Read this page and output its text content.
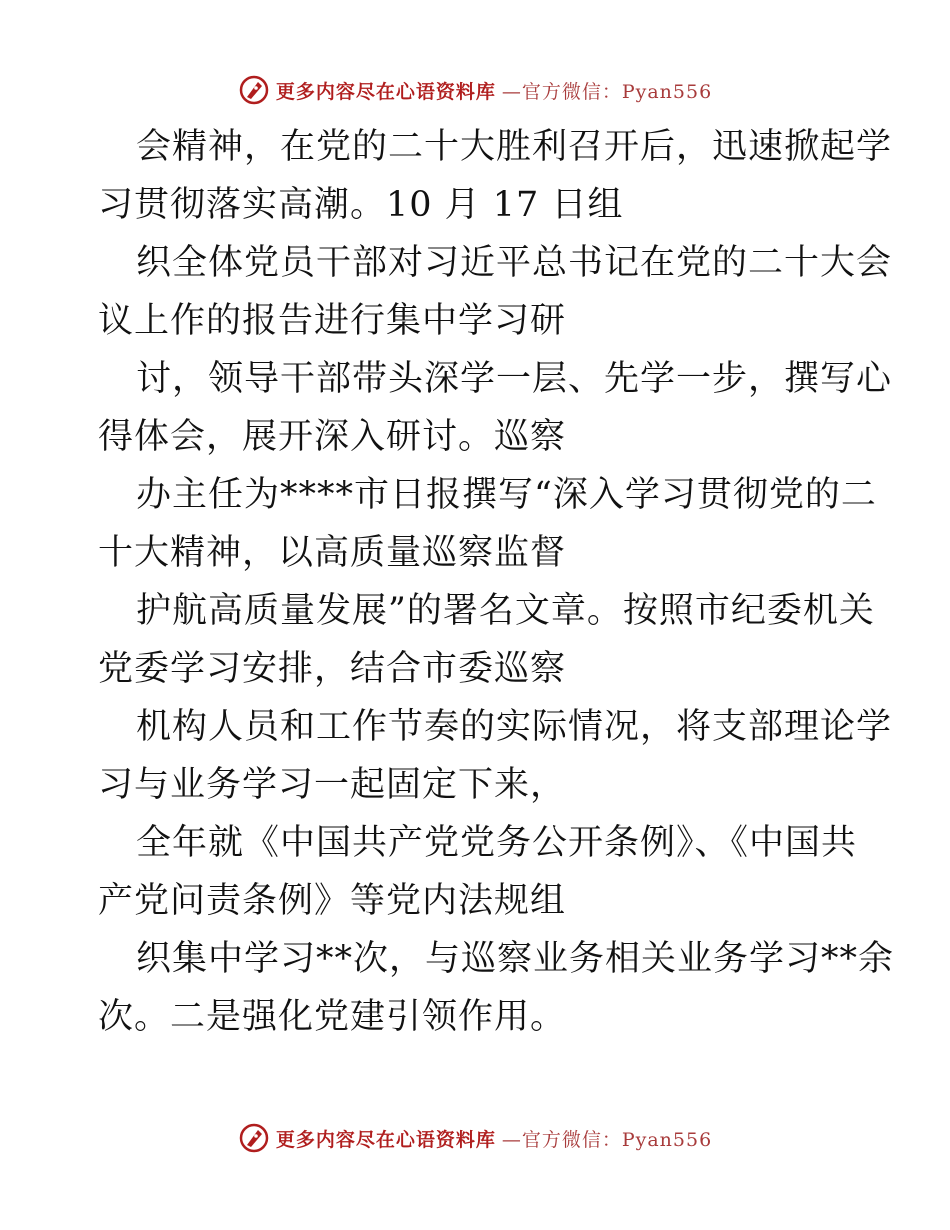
更多内容尽在心语资料库 —官方微信：Pyan556
会精神，在党的二十大胜利召开后，迅速掀起学
习贯彻落实高潮。10 月 17 日组
织全体党员干部对习近平总书记在党的二十大会
议上作的报告进行集中学习研
讨，领导干部带头深学一层、先学一步，撰写心
得体会，展开深入研讨。巡察
办主任为****市日报撰写“深入学习贯彻党的二
十大精神，以高质量巡察监督
护航高质量发展”的署名文章。按照市纪委机关
党委学习安排，结合市委巡察
机构人员和工作节奏的实际情况，将支部理论学
习与业务学习一起固定下来，
全年就《中国共产党党务公开条例》、《中国共
产党问责条例》等党内法规组
织集中学习**次，与巡察业务相关业务学习**余
次。二是强化党建引领作用。
更多内容尽在心语资料库 —官方微信：Pyan556
